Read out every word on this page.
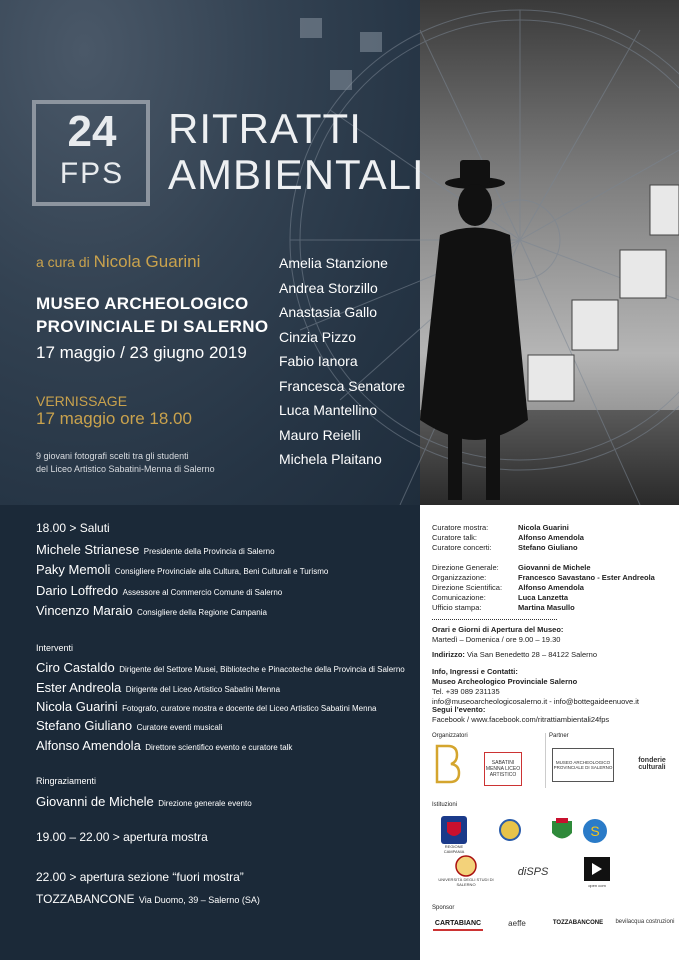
24
FPS
RITRATTI
AMBIENTALI
a cura di Nicola Guarini
MUSEO ARCHEOLOGICO
PROVINCIALE DI SALERNO
17 maggio / 23 giugno 2019
VERNISSAGE
17 maggio ore 18.00
9 giovani fotografi scelti tra gli studenti
del Liceo Artistico Sabatini-Menna di Salerno
Amelia Stanzione
Andrea Storzillo
Anastasia Gallo
Cinzia Pizzo
Fabio Ianora
Francesca Senatore
Luca Mantellino
Mauro Reielli
Michela Plaitano
18.00 > Saluti
Michele Strianese Presidente della Provincia di Salerno
Paky Memoli Consigliere Provinciale alla Cultura, Beni Culturali e Turismo
Dario Loffredo Assessore al Commercio Comune di Salerno
Vincenzo Maraio Consigliere della Regione Campania
Interventi
Ciro Castaldo Dirigente del Settore Musei, Biblioteche e Pinacoteche della Provincia di Salerno
Ester Andreola Dirigente del Liceo Artistico Sabatini Menna
Nicola Guarini Fotografo, curatore mostra e docente del Liceo Artistico Sabatini Menna
Stefano Giuliano Curatore eventi musicali
Alfonso Amendola Direttore scientifico evento e curatore talk
Ringraziamenti
Giovanni de Michele Direzione generale evento
19.00 – 22.00 > apertura mostra
22.00 > apertura sezione “fuori mostra”
TOZZABANCONE Via Duomo, 39 – Salerno (SA)
Curatore mostra:	Nicola Guarini
Curatore talk:	Alfonso Amendola
Curatore concerti:	Stefano Giuliano
Direzione Generale:	Giovanni de Michele
Organizzazione:	Francesco Savastano - Ester Andreola
Direzione Scientifica: Alfonso Amendola
Comunicazione:	Luca Lanzetta
Ufficio stampa:	Martina Masullo
Orari e Giorni di Apertura del Museo:
Martedì – Domenica / ore 9.00 – 19.30
Indirizzo: Via San Benedetto 28 – 84122 Salerno
Info, Ingressi e Contatti:
Museo Archeologico Provinciale Salerno
Tel. +39 089 231135
info@museoarcheologicosalerno.it - info@bottegaideenuove.it
Segui l’evento:
Facebook / www.facebook.com/ritrattiambientali24fps
Organizzatori	Partner
SABATINI MENNA LICEO ARTISTICO
MUSEO ARCHEOLOGICO PROVINCIALE DI SALERNO
fonderie culturali
Istituzioni
REGIONE CAMPANIA
S
UNIVERSITÀ DEGLI STUDI DI SALERNO
diSPS
open com
Sponsor
CARTABIANC	aeffe	TOZZABANCONE	bevilacqua costruzioni
